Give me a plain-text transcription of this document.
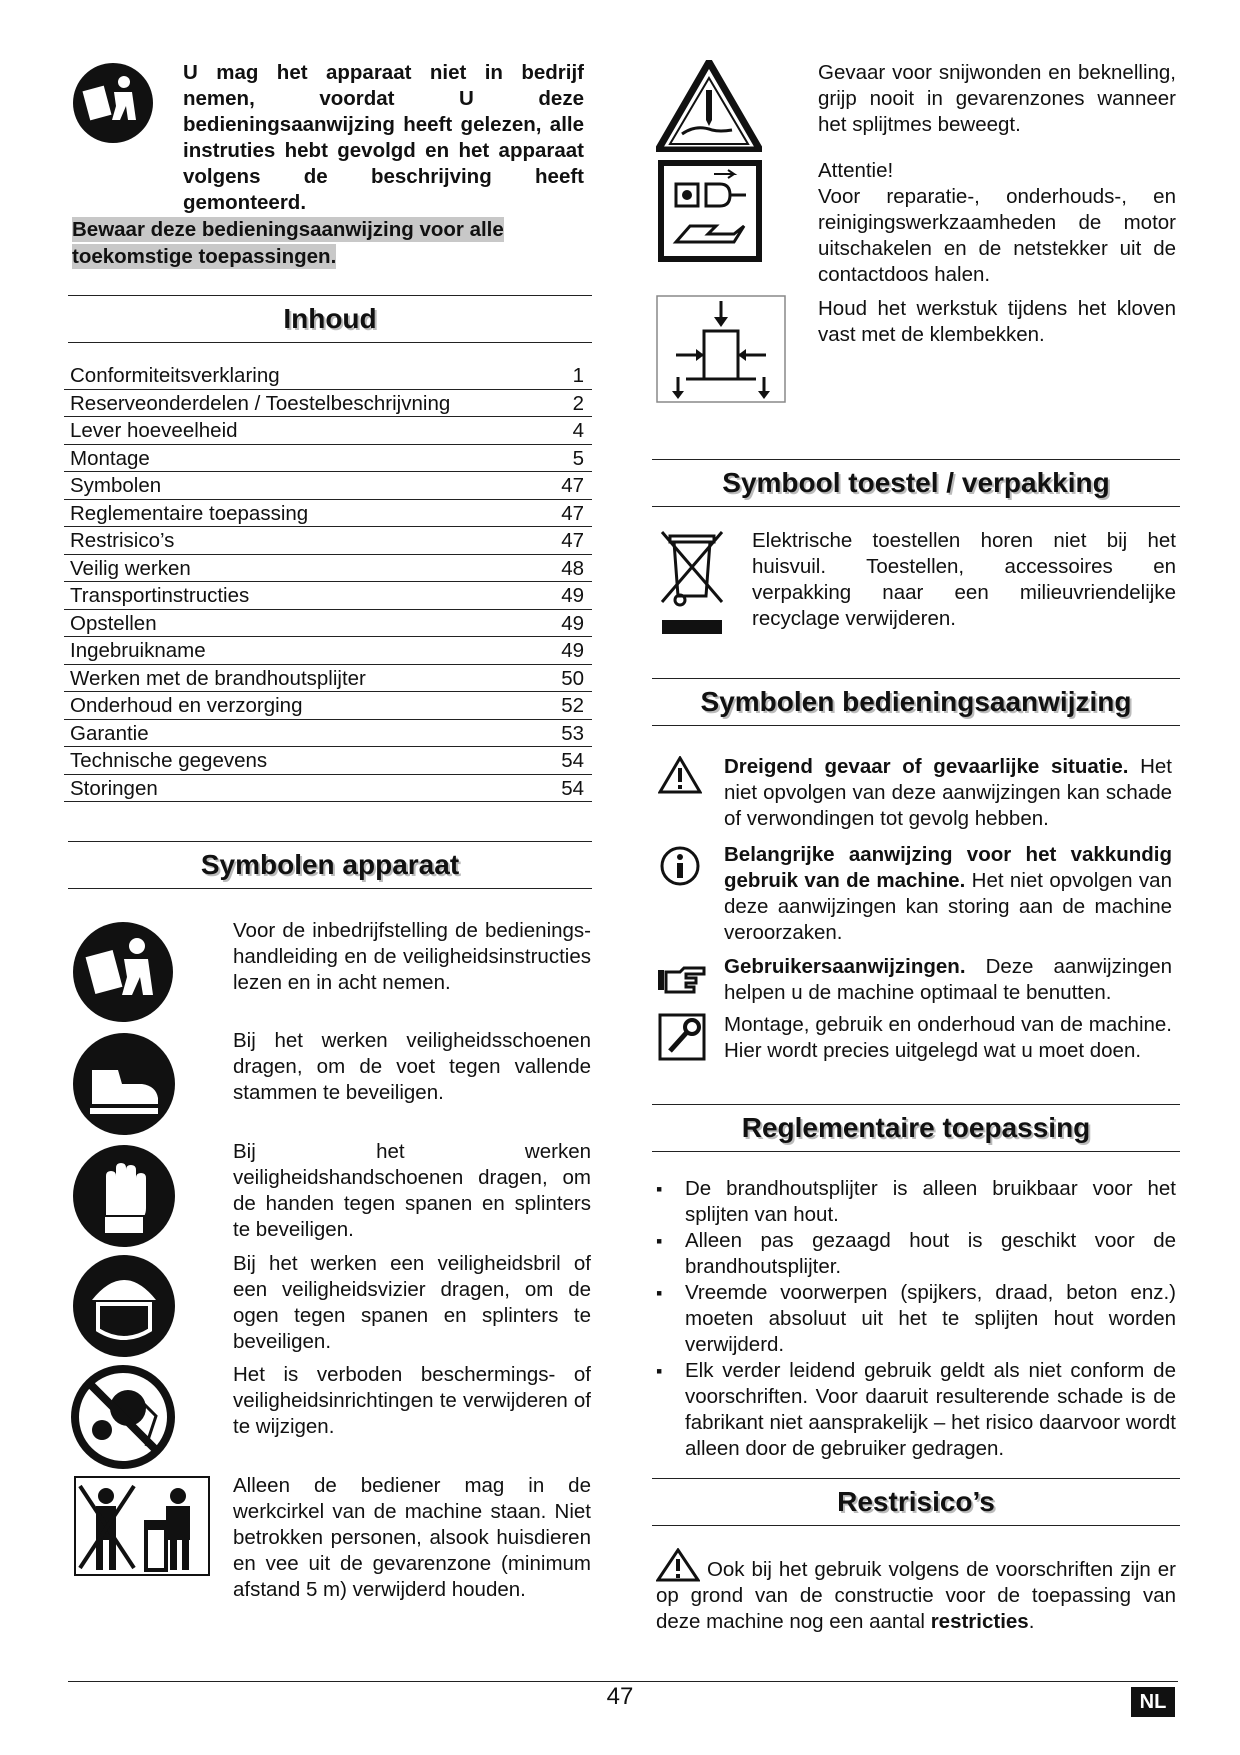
U mag het apparaat niet in bedrijf nemen, voordat U deze bedieningsaanwijzing heeft gelezen, alle instruties hebt gevolgd en het apparaat volgens de beschrijving heeft gemonteerd.
Bewaar deze bedieningsaanwijzing voor alle toekomstige toepassingen.
Inhoud
Conformiteitsverklaring	1
Reserveonderdelen / Toestelbeschrijvning	2
Lever hoeveelheid	4
Montage	5
Symbolen	47
Reglementaire toepassing	47
Restrisico’s	47
Veilig werken	48
Transportinstructies	49
Opstellen	49
Ingebruikname	49
Werken met de brandhoutsplijter	50
Onderhoud en verzorging	52
Garantie	53
Technische gegevens	54
Storingen	54
Symbolen apparaat
Voor de inbedrijfstelling de bedienings-handleiding en de veiligheidsinstructies lezen en in acht nemen.
Bij het werken veiligheidsschoenen dragen, om de voet tegen vallende stammen te beveiligen.
Bij het werken veiligheidshandschoenen dragen, om de handen tegen spanen en splinters te beveiligen.
Bij het werken een veiligheidsbril of een veiligheidsvizier dragen, om de ogen tegen spanen en splinters te beveiligen.
Het is verboden beschermings- of veiligheidsinrichtingen te verwijderen of te wijzigen.
Alleen de bediener mag in de werkcirkel van de machine staan. Niet betrokken personen, alsook huisdieren en vee uit de gevarenzone (minimum afstand 5 m) verwijderd houden.
Gevaar voor snijwonden en beknelling, grijp nooit in gevarenzones wanneer het splijtmes beweegt.
Attentie!
Voor reparatie-, onderhouds-, en reinigingswerkzaamheden de motor uitschakelen en de netstekker uit de contactdoos halen.
Houd het werkstuk tijdens het kloven vast met de klembekken.
Symbool toestel / verpakking
Elektrische toestellen horen niet bij het huisvuil. Toestellen, accessoires en verpakking naar een milieuvriendelijke recyclage verwijderen.
Symbolen bedieningsaanwijzing
Dreigend gevaar of gevaarlijke situatie. Het niet opvolgen van deze aanwijzingen kan schade of verwondingen tot gevolg hebben.
Belangrijke aanwijzing voor het vakkundig gebruik van de machine. Het niet opvolgen van deze aanwijzingen kan storing aan de machine veroorzaken.
Gebruikersaanwijzingen. Deze aanwijzingen helpen u de machine optimaal te benutten.
Montage, gebruik en onderhoud van de machine. Hier wordt precies uitgelegd wat u moet doen.
Reglementaire toepassing
▪ De brandhoutsplijter is alleen bruikbaar voor het splijten van hout.
▪ Alleen pas gezaagd hout is geschikt voor de brandhoutsplijter.
▪ Vreemde voorwerpen (spijkers, draad, beton enz.) moeten absoluut uit het te splijten hout worden verwijderd.
▪ Elk verder leidend gebruik geldt als niet conform de voorschriften. Voor daaruit resulterende schade is de fabrikant niet aansprakelijk – het risico daarvoor wordt alleen door de gebruiker gedragen.
Restrisico’s
Ook bij het gebruik volgens de voorschriften zijn er op grond van de constructie voor de toepassing van deze machine nog een aantal restricties.
47	NL
